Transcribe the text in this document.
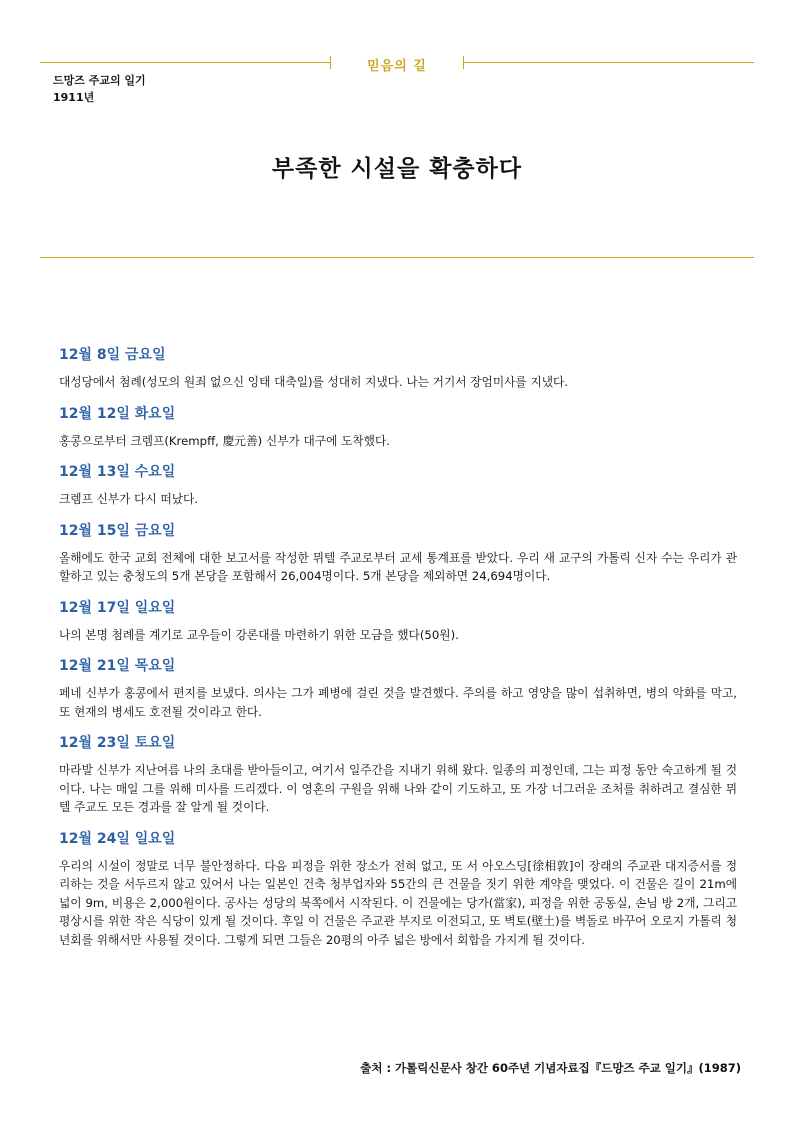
믿음의 길
드망즈 주교의 일기
1911년
부족한 시설을 확충하다
12월 8일 금요일
대성당에서 첨례(성모의 원죄 없으신 잉태 대축일)를 성대히 지냈다. 나는 거기서 장엄미사를 지냈다.
12월 12일 화요일
홍콩으로부터 크렘프(Krempff, 慶元善) 신부가 대구에 도착했다.
12월 13일 수요일
크렘프 신부가 다시 떠났다.
12월 15일 금요일
올해에도 한국 교회 전체에 대한 보고서를 작성한 뮈텔 주교로부터 교세 통계표를 받았다. 우리 새 교구의 가톨릭 신자 수는 우리가 관할하고 있는 충청도의 5개 본당을 포함해서 26,004명이다. 5개 본당을 제외하면 24,694명이다.
12월 17일 일요일
나의 본명 첨례를 계기로 교우들이 강론대를 마련하기 위한 모금을 했다(50원).
12월 21일 목요일
페네 신부가 홍콩에서 편지를 보냈다. 의사는 그가 폐병에 걸린 것을 발견했다. 주의를 하고 영양을 많이 섭취하면, 병의 악화를 막고, 또 현재의 병세도 호전될 것이라고 한다.
12월 23일 토요일
마라발 신부가 지난여름 나의 초대를 받아들이고, 여기서 일주간을 지내기 위해 왔다. 일종의 피정인데, 그는 피정 동안 숙고하게 될 것이다. 나는 매일 그를 위해 미사를 드리겠다. 이 영혼의 구원을 위해 나와 같이 기도하고, 또 가장 너그러운 조처를 취하려고 결심한 뮈텔 주교도 모든 경과를 잘 알게 될 것이다.
12월 24일 일요일
우리의 시설이 정말로 너무 불안정하다. 다음 피정을 위한 장소가 전혀 없고, 또 서 아오스딩[徐相敦]이 장래의 주교관 대지증서를 정리하는 것을 서두르지 않고 있어서 나는 일본인 건축 청부업자와 55간의 큰 건물을 짓기 위한 계약을 맺었다. 이 건물은 길이 21m에 넓이 9m, 비용은 2,000원이다. 공사는 성당의 북쪽에서 시작된다. 이 건물에는 당가(當家), 피정을 위한 공동실, 손님 방 2개, 그리고 평상시를 위한 작은 식당이 있게 될 것이다. 후일 이 건물은 주교관 부지로 이전되고, 또 벽토(壁土)를 벽돌로 바꾸어 오로지 가톨릭 청년회를 위해서만 사용될 것이다. 그렇게 되면 그들은 20평의 아주 넓은 방에서 회합을 가지게 될 것이다.
출처 : 가톨릭신문사 창간 60주년 기념자료집『드망즈 주교 일기』(1987)
